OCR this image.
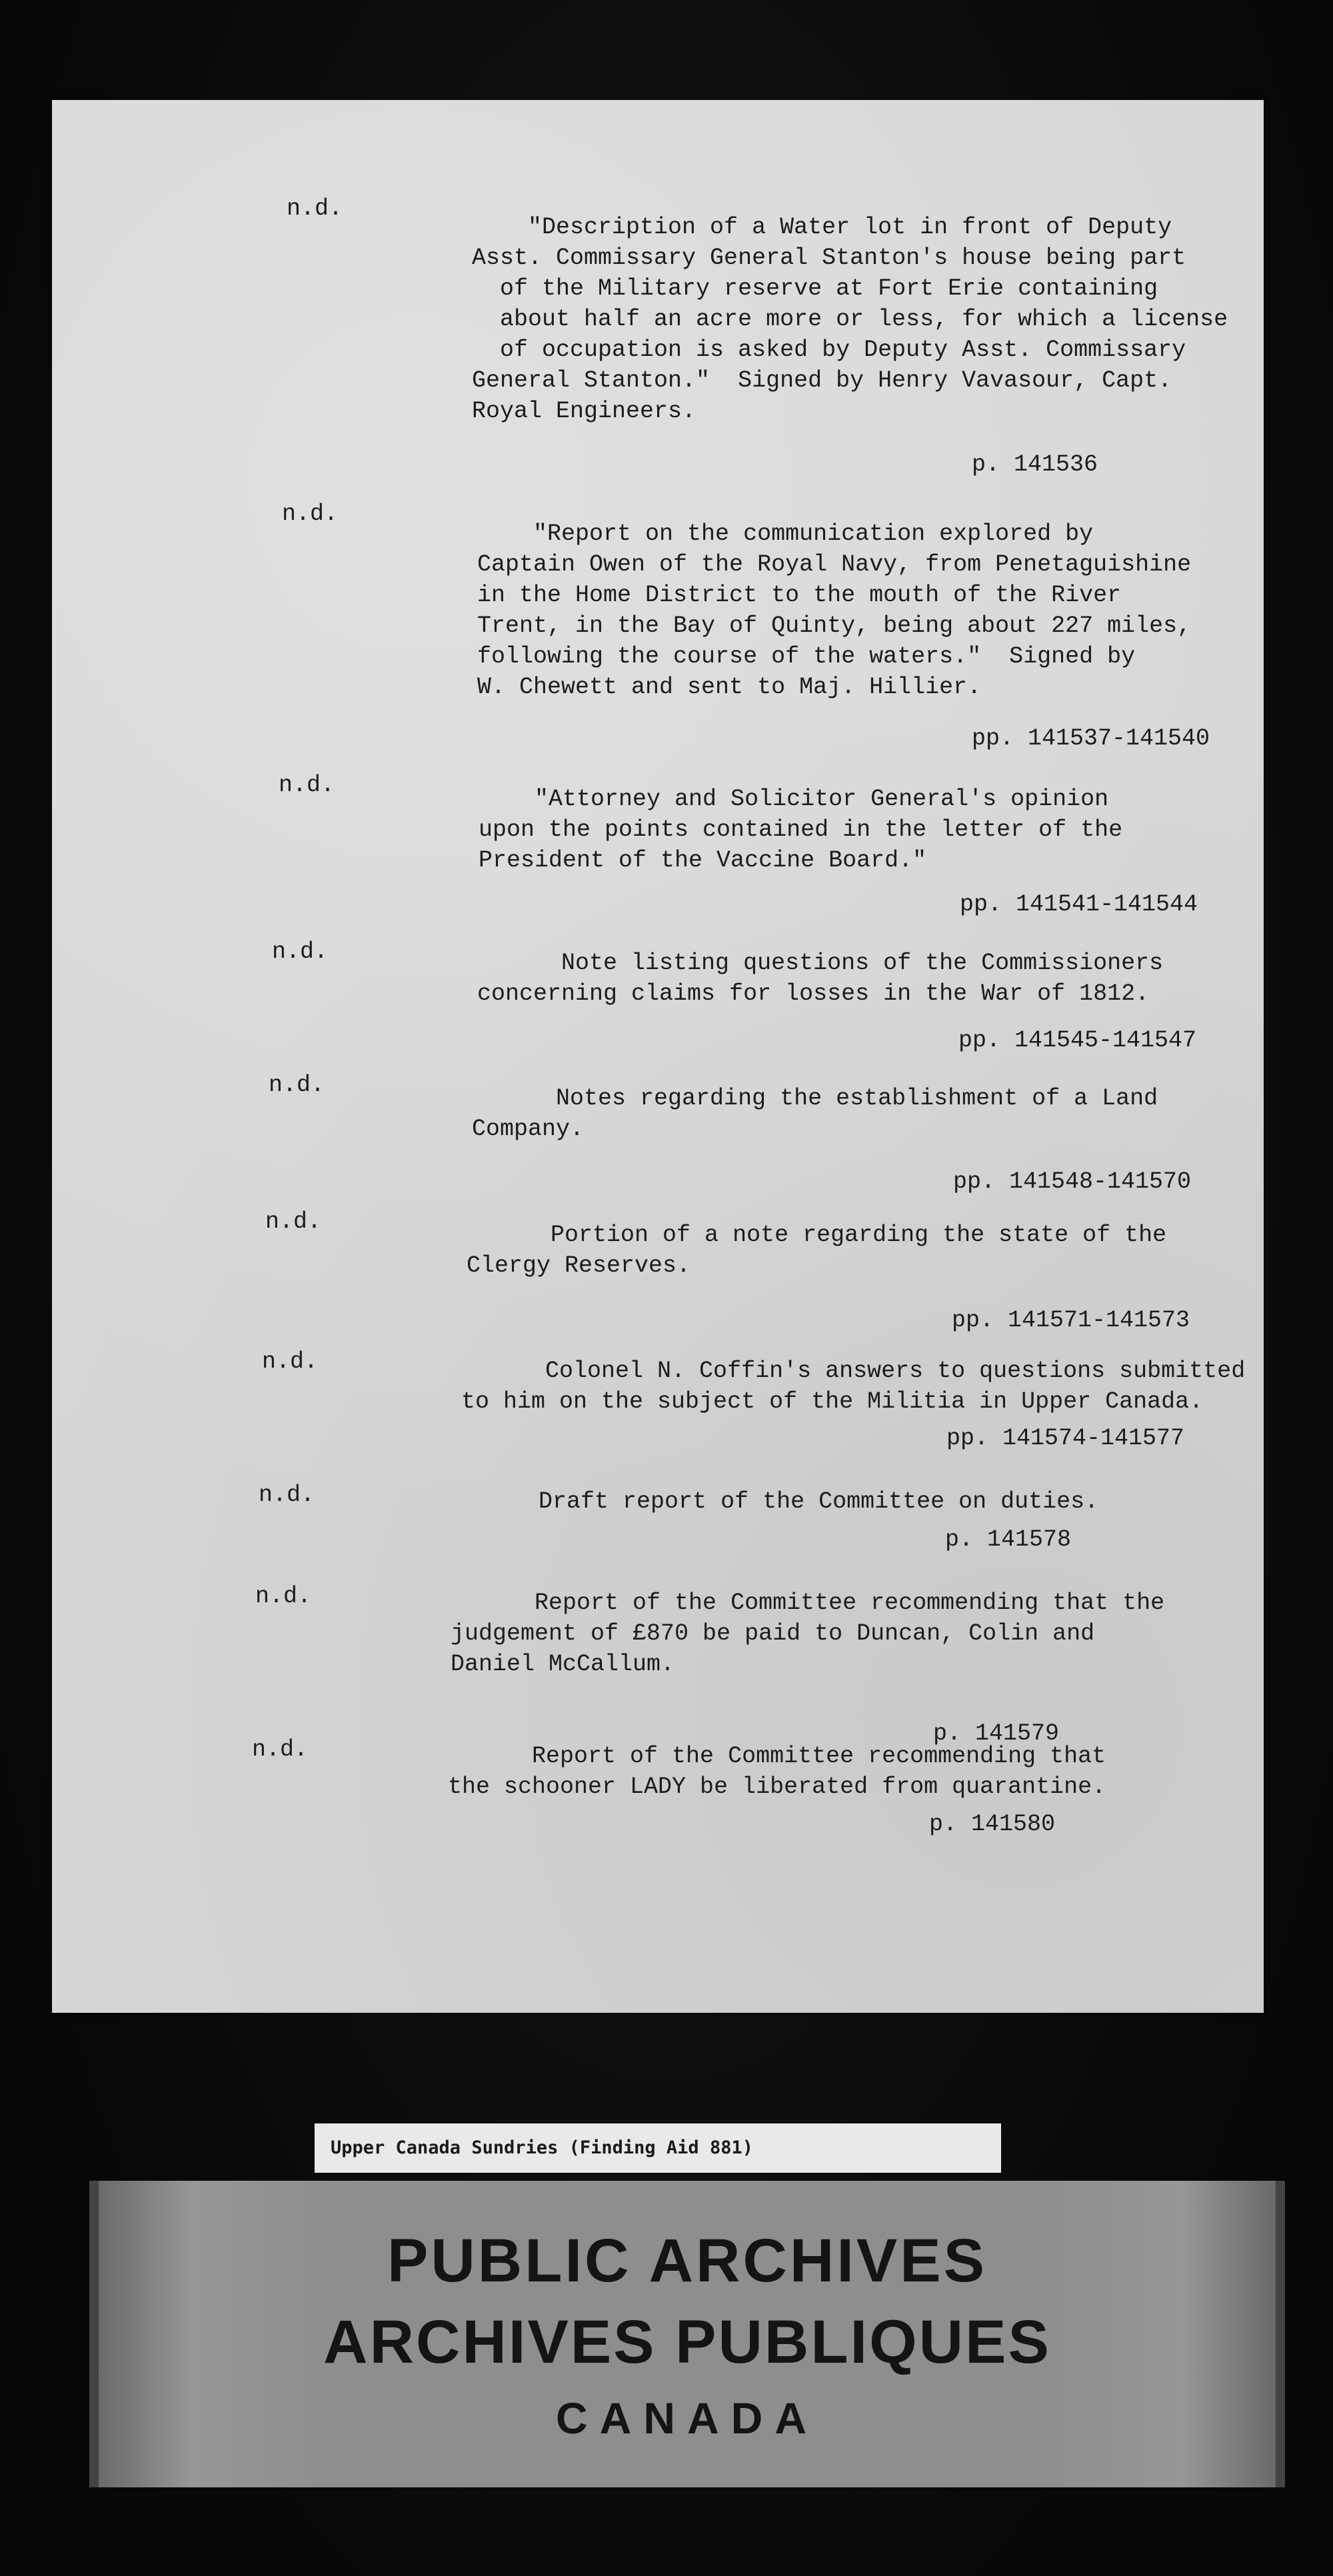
n.d.
"Description of a Water lot in front of Deputy
Asst. Commissary General Stanton's house being part
of the Military reserve at Fort Erie containing
about half an acre more or less, for which a license
of occupation is asked by Deputy Asst. Commissary
General Stanton."  Signed by Henry Vavasour, Capt.
Royal Engineers.
p. 141536
n.d.
"Report on the communication explored by
Captain Owen of the Royal Navy, from Penetaguishine
in the Home District to the mouth of the River
Trent, in the Bay of Quinty, being about 227 miles,
following the course of the waters."  Signed by
W. Chewett and sent to Maj. Hillier.
pp. 141537-141540
n.d.
"Attorney and Solicitor General's opinion
upon the points contained in the letter of the
President of the Vaccine Board."
pp. 141541-141544
n.d.	Note listing questions of the Commissioners
concerning claims for losses in the War of 1812.
pp. 141545-141547
n.d.	Notes regarding the establishment of a Land
Company.
pp. 141548-141570
n.d.	Portion of a note regarding the state of the
Clergy Reserves.
pp. 141571-141573
n.d.	Colonel N. Coffin's answers to questions submitted
to him on the subject of the Militia in Upper Canada.
pp. 141574-141577
n.d.	Draft report of the Committee on duties.
p. 141578
n.d.	Report of the Committee recommending that the
judgement of £870 be paid to Duncan, Colin and
Daniel McCallum.
p. 141579
n.d.	Report of the Committee recommending that
the schooner LADY be liberated from quarantine.
p. 141580
Upper Canada Sundries (Finding Aid 881)
PUBLIC ARCHIVES
ARCHIVES PUBLIQUES
CANADA
